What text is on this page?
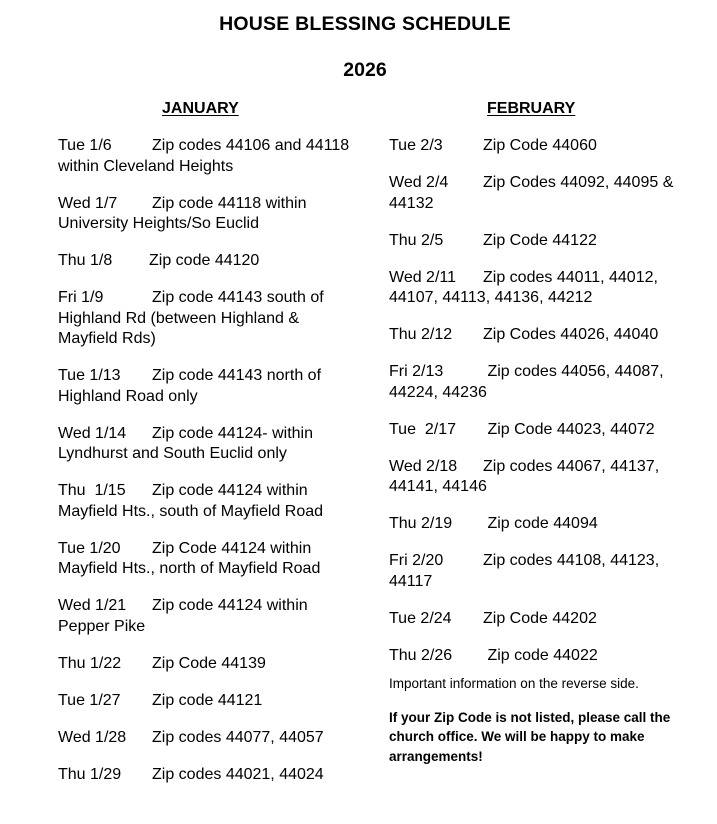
HOUSE BLESSING SCHEDULE
2026
JANUARY	FEBRUARY
Tue 1/6	Zip codes 44106 and 44118 within Cleveland Heights
Wed 1/7 Zip code 44118 within University Heights/So Euclid
Thu 1/8 Zip code 44120
Fri 1/9	Zip code 44143 south of Highland Rd (between Highland & Mayfield Rds)
Tue 1/13 Zip code 44143 north of Highland Road only
Wed 1/14 Zip code 44124- within Lyndhurst and South Euclid only
Thu  1/15 Zip code 44124 within Mayfield Hts., south of Mayfield Road
Tue 1/20 Zip Code 44124 within Mayfield Hts., north of Mayfield Road
Wed 1/21 Zip code 44124 within Pepper Pike
Thu 1/22 Zip Code 44139
Tue 1/27 Zip code 44121
Wed 1/28 Zip codes 44077, 44057
Thu 1/29 Zip codes 44021, 44024
Tue 2/3	Zip Code 44060
Wed 2/4 Zip Codes 44092, 44095 & 44132
Thu 2/5 Zip Code 44122
Wed 2/11 Zip codes 44011, 44012, 44107, 44113, 44136, 44212
Thu 2/12 Zip Codes 44026, 44040
Fri 2/13 Zip codes 44056, 44087, 44224, 44236
Tue  2/17 Zip Code 44023, 44072
Wed 2/18 Zip codes 44067, 44137, 44141, 44146
Thu 2/19 Zip code 44094
Fri 2/20 Zip codes 44108, 44123, 44117
Tue 2/24 Zip Code 44202
Thu 2/26 Zip code 44022
Important information on the reverse side.
If your Zip Code is not listed, please call the church office. We will be happy to make arrangements!
